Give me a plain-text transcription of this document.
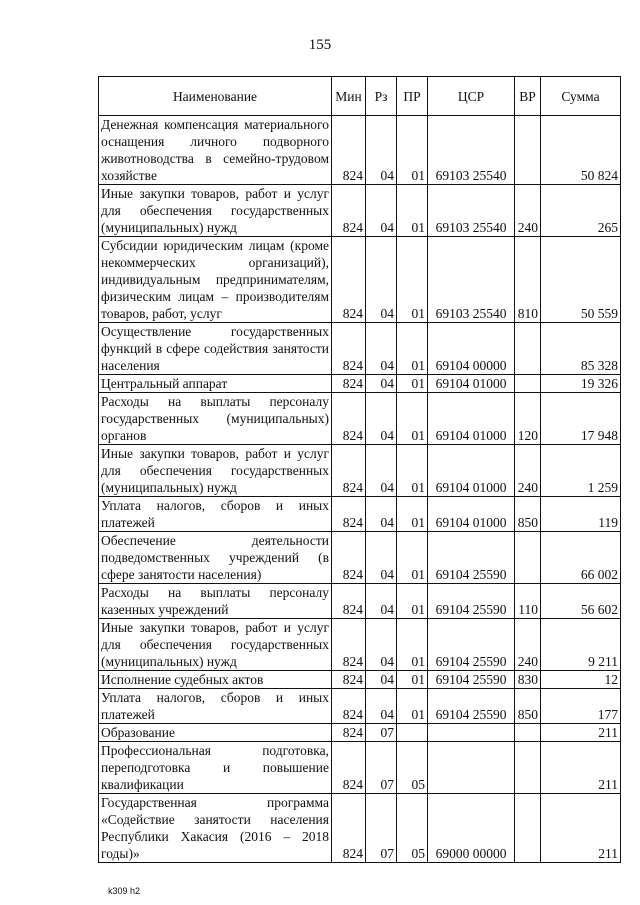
155
Наименование	Мин	Рз	ПР	ЦСР	ВР	Сумма
Денежная компенсация материального оснащения личного подворного животноводства в семейно-трудовом хозяйстве	824	04	01	69103 25540		50 824
Иные закупки товаров, работ и услуг для обеспечения государственных (муниципальных) нужд	824	04	01	69103 25540	240	265
Субсидии юридическим лицам (кроме некоммерческих организаций), индивидуальным предпринимателям, физическим лицам – производителям товаров, работ, услуг	824	04	01	69103 25540	810	50 559
Осуществление государственных функций в сфере содействия занятости населения	824	04	01	69104 00000		85 328
Центральный аппарат	824	04	01	69104 01000		19 326
Расходы на выплаты персоналу государственных (муниципальных) органов	824	04	01	69104 01000	120	17 948
Иные закупки товаров, работ и услуг для обеспечения государственных (муниципальных) нужд	824	04	01	69104 01000	240	1 259
Уплата налогов, сборов и иных платежей	824	04	01	69104 01000	850	119
Обеспечение деятельности подведомственных учреждений (в сфере занятости населения)	824	04	01	69104 25590		66 002
Расходы на выплаты персоналу казенных учреждений	824	04	01	69104 25590	110	56 602
Иные закупки товаров, работ и услуг для обеспечения государственных (муниципальных) нужд	824	04	01	69104 25590	240	9 211
Исполнение судебных актов	824	04	01	69104 25590	830	12
Уплата налогов, сборов и иных платежей	824	04	01	69104 25590	850	177
Образование	824	07				211
Профессиональная подготовка, переподготовка и повышение квалификации	824	07	05			211
Государственная программа «Содействие занятости населения Республики Хакасия (2016 – 2018 годы)»	824	07	05	69000 00000		211
k309 h2
